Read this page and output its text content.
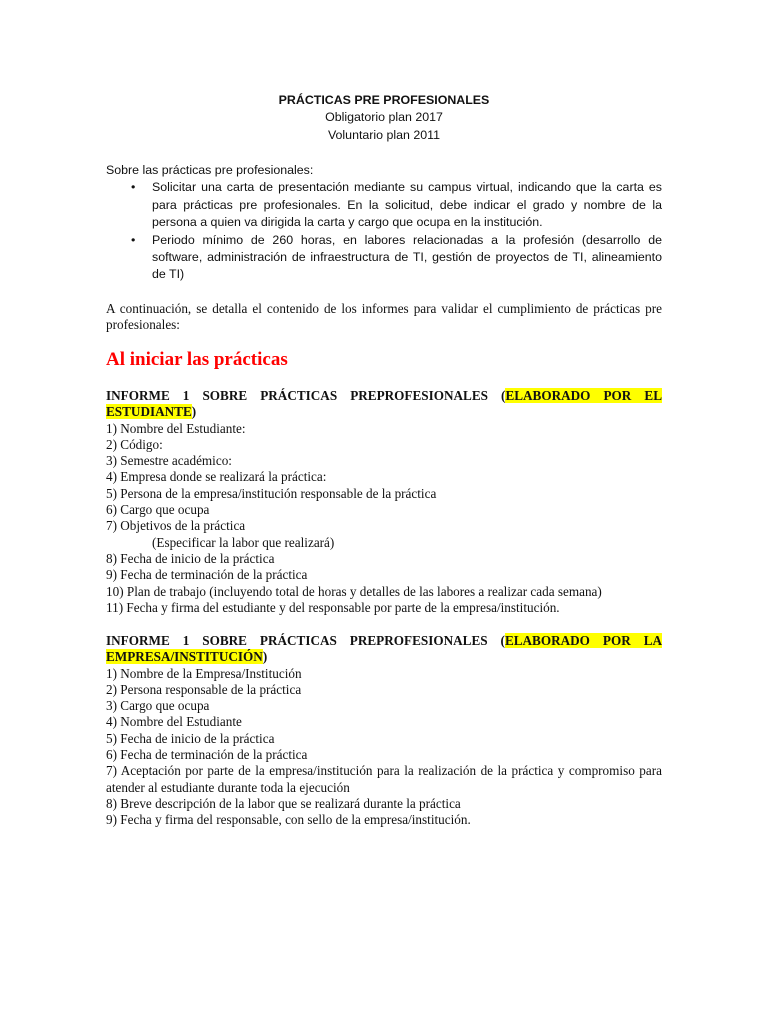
PRÁCTICAS PRE PROFESIONALES
Obligatorio plan 2017
Voluntario plan 2011
Sobre las prácticas pre profesionales:
• Solicitar una carta de presentación mediante su campus virtual, indicando que la carta es para prácticas pre profesionales. En la solicitud, debe indicar el grado y nombre de la persona a quien va dirigida la carta y cargo que ocupa en la institución.
• Periodo mínimo de 260 horas, en labores relacionadas a la profesión (desarrollo de software, administración de infraestructura de TI, gestión de proyectos de TI, alineamiento de TI)
A continuación, se detalla el contenido de los informes para validar el cumplimiento de prácticas pre profesionales:
Al iniciar las prácticas
INFORME 1 SOBRE PRÁCTICAS PREPROFESIONALES (ELABORADO POR EL ESTUDIANTE)
1) Nombre del Estudiante:
2) Código:
3) Semestre académico:
4) Empresa donde se realizará la práctica:
5) Persona de la empresa/institución responsable de la práctica
6) Cargo que ocupa
7) Objetivos de la práctica
(Especificar la labor que realizará)
8) Fecha de inicio de la práctica
9) Fecha de terminación de la práctica
10) Plan de trabajo (incluyendo total de horas y detalles de las labores a realizar cada semana)
11) Fecha y firma del estudiante y del responsable por parte de la empresa/institución.
INFORME 1 SOBRE PRÁCTICAS PREPROFESIONALES (ELABORADO POR LA EMPRESA/INSTITUCIÓN)
1) Nombre de la Empresa/Institución
2) Persona responsable de la práctica
3) Cargo que ocupa
4) Nombre del Estudiante
5) Fecha de inicio de la práctica
6) Fecha de terminación de la práctica
7) Aceptación por parte de la empresa/institución para la realización de la práctica y compromiso para atender al estudiante durante toda la ejecución
8) Breve descripción de la labor que se realizará durante la práctica
9) Fecha y firma del responsable, con sello de la empresa/institución.
